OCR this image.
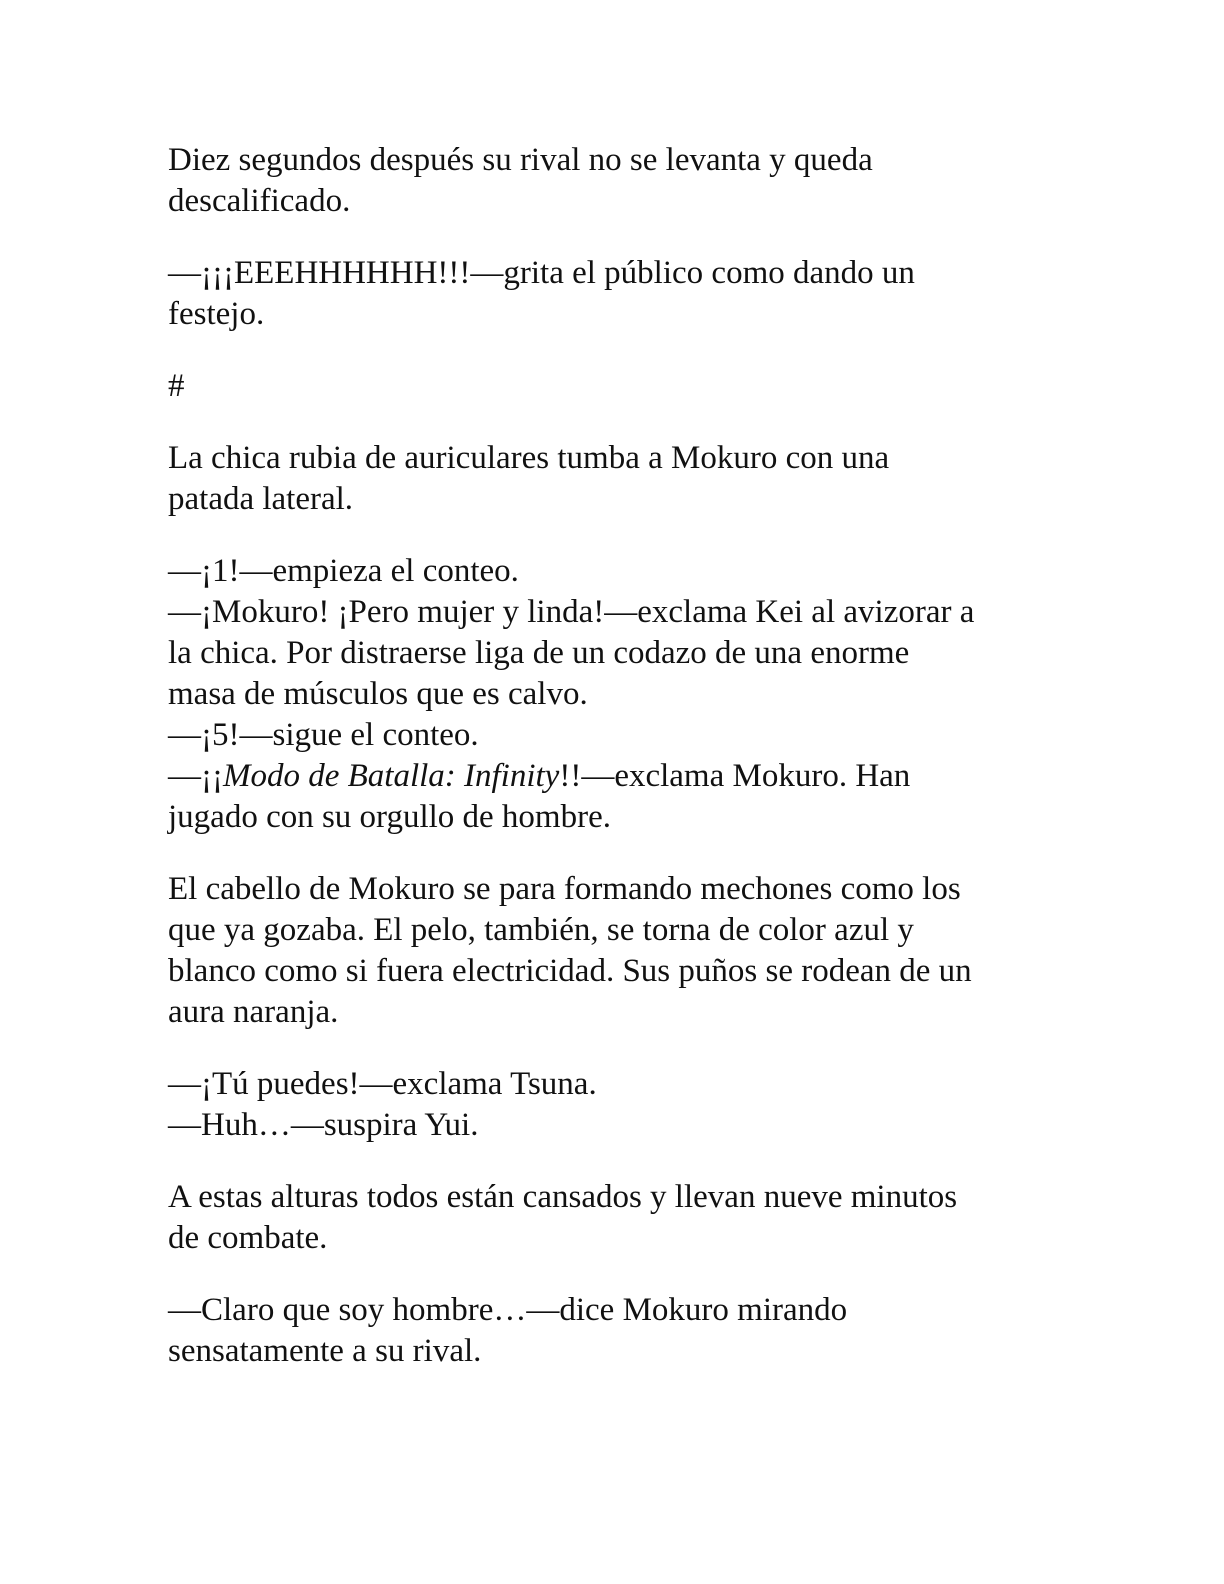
Diez segundos después su rival no se levanta y queda
descalificado.

—¡¡¡EEEHHHHHH!!!—grita el público como dando un
festejo.

#

La chica rubia de auriculares tumba a Mokuro con una
patada lateral.

—¡1!—empieza el conteo.
—¡Mokuro! ¡Pero mujer y linda!—exclama Kei al avizorar a
la chica. Por distraerse liga de un codazo de una enorme
masa de músculos que es calvo.
—¡5!—sigue el conteo.
—¡¡Modo de Batalla: Infinity!!—exclama Mokuro. Han
jugado con su orgullo de hombre.

El cabello de Mokuro se para formando mechones como los
que ya gozaba. El pelo, también, se torna de color azul y
blanco como si fuera electricidad. Sus puños se rodean de un
aura naranja.

—¡Tú puedes!—exclama Tsuna.
—Huh…—suspira Yui.

A estas alturas todos están cansados y llevan nueve minutos
de combate.

—Claro que soy hombre…—dice Mokuro mirando
sensatamente a su rival.
